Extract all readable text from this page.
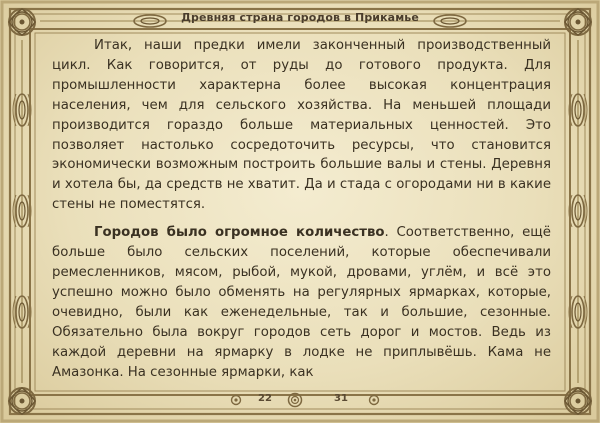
Древняя страна городов в Прикамье

Итак, наши предки имели законченный производственный цикл. Как говорится, от руды до готового продукта. Для промышленности характерна более высокая концентрация населения, чем для сельского хозяйства. На меньшей площади производится гораздо больше материальных ценностей. Это позволяет настолько сосредоточить ресурсы, что становится экономически возможным построить большие валы и стены. Деревня и хотела бы, да средств не хватит. Да и стада с огородами ни в какие стены не поместятся.

Городов было огромное количество. Соответственно, ещё больше было сельских поселений, которые обеспечивали ремесленников, мясом, рыбой, мукой, дровами, углём, и всё это успешно можно было обменять на регулярных ярмарках, которые, очевидно, были как еженедельные, так и большие, сезонные. Обязательно была вокруг городов сеть дорог и мостов. Ведь из каждой деревни на ярмарку в лодке не приплывёшь. Кама не Амазонка. На сезонные ярмарки, как

22	31
